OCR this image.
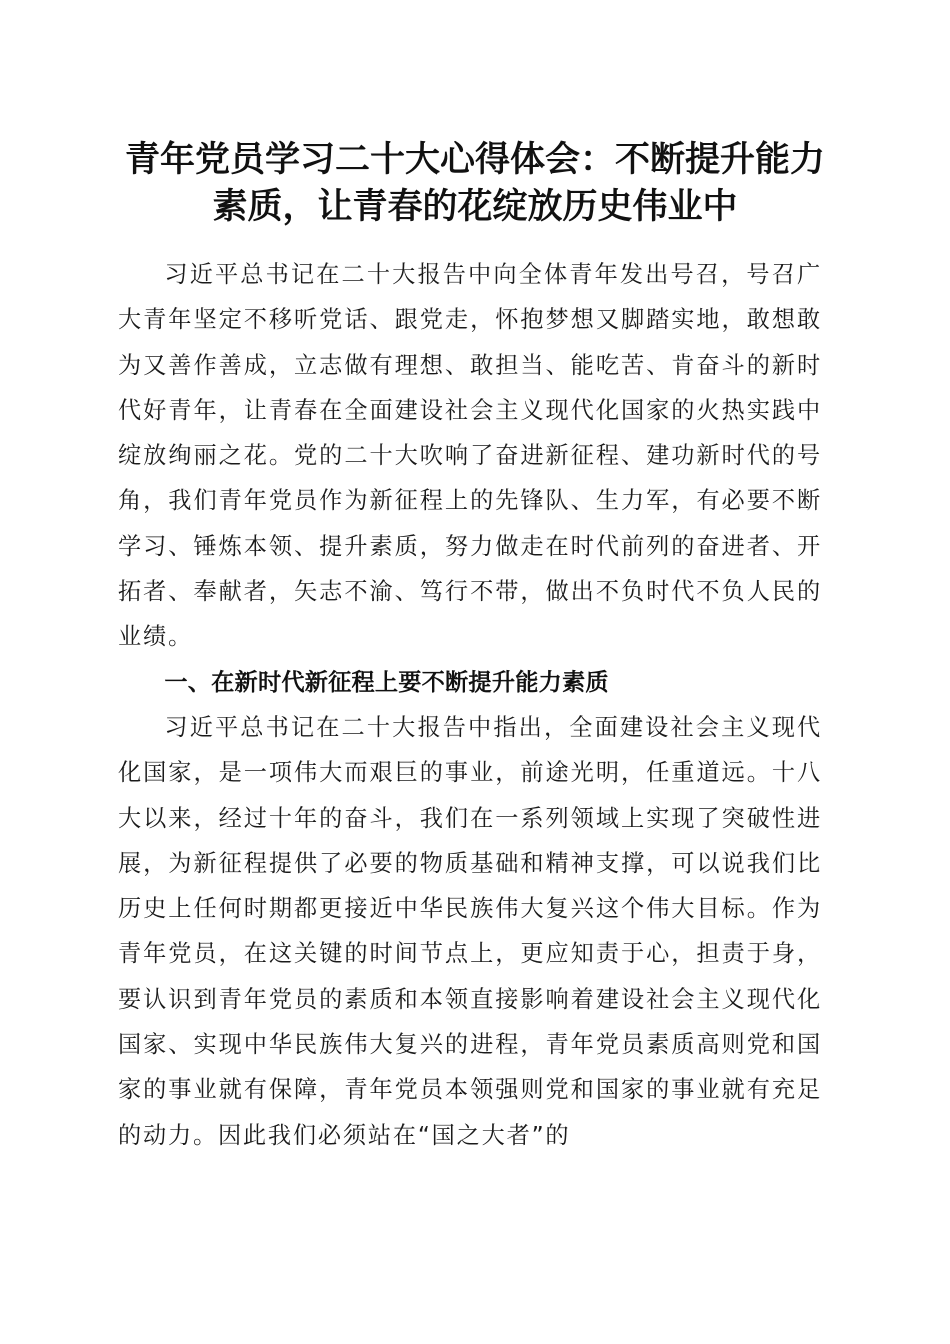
青年党员学习二十大心得体会：不断提升能力素质，让青春的花绽放历史伟业中

习近平总书记在二十大报告中向全体青年发出号召，号召广大青年坚定不移听党话、跟党走，怀抱梦想又脚踏实地，敢想敢为又善作善成，立志做有理想、敢担当、能吃苦、肯奋斗的新时代好青年，让青春在全面建设社会主义现代化国家的火热实践中绽放绚丽之花。党的二十大吹响了奋进新征程、建功新时代的号角，我们青年党员作为新征程上的先锋队、生力军，有必要不断学习、锤炼本领、提升素质，努力做走在时代前列的奋进者、开拓者、奉献者，矢志不渝、笃行不带，做出不负时代不负人民的业绩。

一、在新时代新征程上要不断提升能力素质

习近平总书记在二十大报告中指出，全面建设社会主义现代化国家，是一项伟大而艰巨的事业，前途光明，任重道远。十八大以来，经过十年的奋斗，我们在一系列领域上实现了突破性进展，为新征程提供了必要的物质基础和精神支撑，可以说我们比历史上任何时期都更接近中华民族伟大复兴这个伟大目标。作为青年党员，在这关键的时间节点上，更应知责于心，担责于身，要认识到青年党员的素质和本领直接影响着建设社会主义现代化国家、实现中华民族伟大复兴的进程，青年党员素质高则党和国家的事业就有保障，青年党员本领强则党和国家的事业就有充足的动力。因此我们必须站在“国之大者”的
